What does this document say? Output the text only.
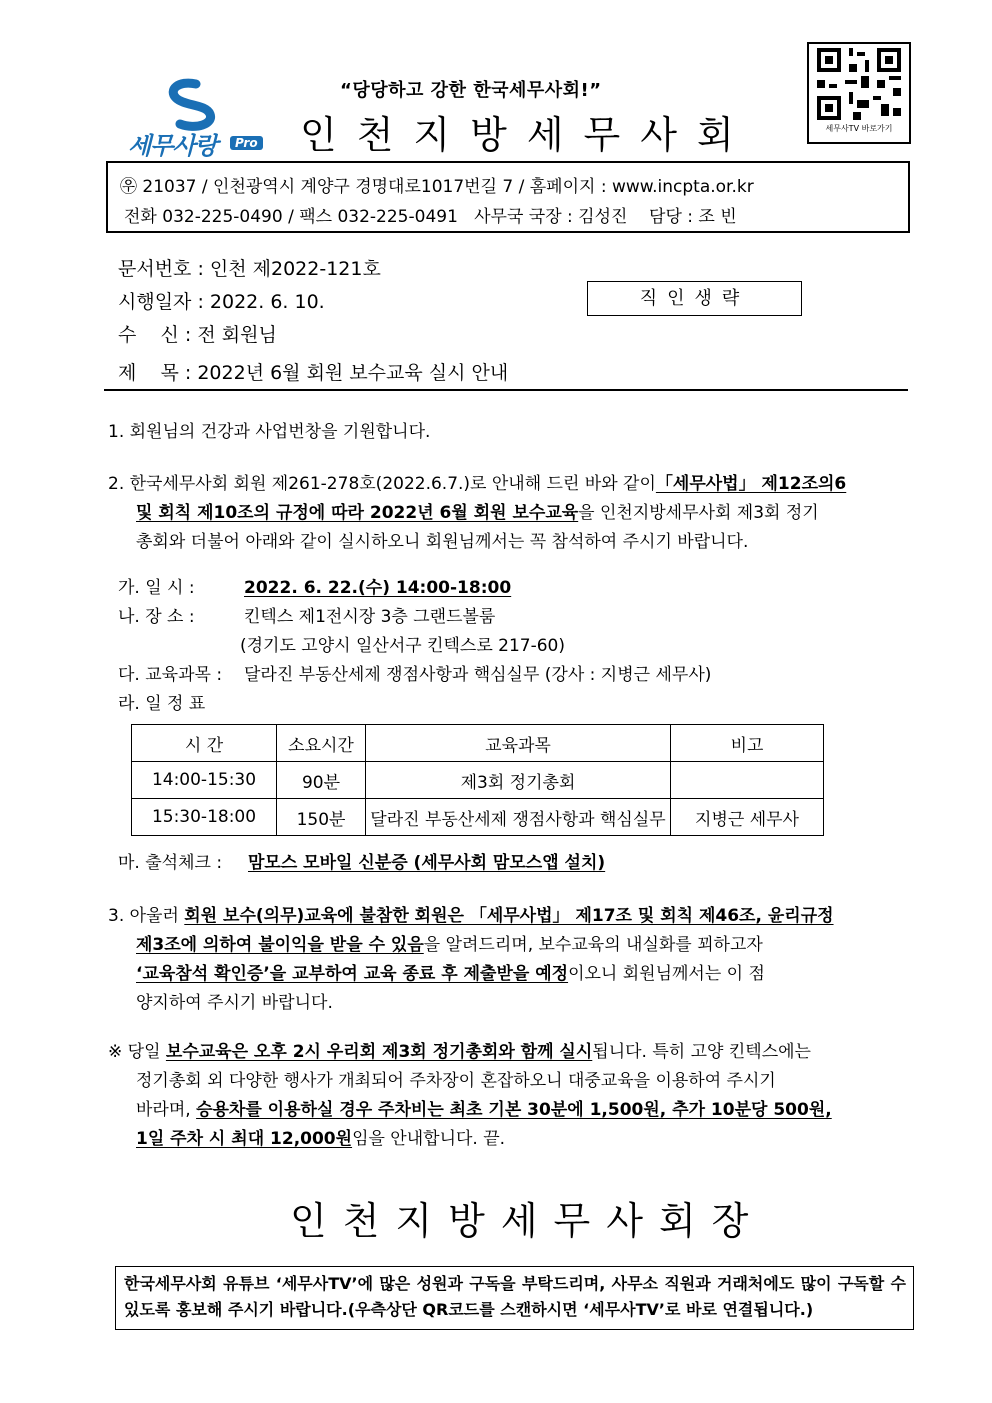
세무사랑	Pro
“당당하고 강한 한국세무사회!”
인천지방세무사회	세무사TV 바로가기
㉾ 21037 / 인천광역시 계양구 경명대로1017번길 7 / 홈페이지 : www.incpta.or.kr
전화 032-225-0490 / 팩스 032-225-0491   사무국 국장 : 김성진    담당 : 조 빈
문서번호 : 인천 제2022-121호
시행일자 : 2022. 6. 10.	직인생략
수    신 : 전 회원님
제    목 : 2022년 6월 회원 보수교육 실시 안내
1. 회원님의 건강과 사업번창을 기원합니다.
2. 한국세무사회 회원 제261-278호(2022.6.7.)로 안내해 드린 바와 같이「세무사법」 제12조의6
및 회칙 제10조의 규정에 따라 2022년 6월 회원 보수교육을 인천지방세무사회 제3회 정기
총회와 더불어 아래와 같이 실시하오니 회원님께서는 꼭 참석하여 주시기 바랍니다.
가. 일 시 :	2022. 6. 22.(수) 14:00-18:00
나. 장 소 :	킨텍스 제1전시장 3층 그랜드볼룸
(경기도 고양시 일산서구 킨텍스로 217-60)
다. 교육과목 : 달라진 부동산세제 쟁점사항과 핵심실무 (강사 : 지병근 세무사)
라. 일 정 표
시 간	소요시간	교육과목	비고
14:00-15:30	90분	제3회 정기총회	
15:30-18:00	150분	달라진 부동산세제 쟁점사항과 핵심실무	지병근 세무사
마. 출석체크 : 맘모스 모바일 신분증 (세무사회 맘모스앱 설치)
3. 아울러 회원 보수(의무)교육에 불참한 회원은 「세무사법」 제17조 및 회칙 제46조, 윤리규정
제3조에 의하여 불이익을 받을 수 있음을 알려드리며, 보수교육의 내실화를 꾀하고자
‘교육참석 확인증’을 교부하여 교육 종료 후 제출받을 예정이오니 회원님께서는 이 점
양지하여 주시기 바랍니다.
※ 당일 보수교육은 오후 2시 우리회 제3회 정기총회와 함께 실시됩니다. 특히 고양 킨텍스에는
정기총회 외 다양한 행사가 개최되어 주차장이 혼잡하오니 대중교육을 이용하여 주시기
바라며, 승용차를 이용하실 경우 주차비는 최초 기본 30분에 1,500원, 추가 10분당 500원,
1일 주차 시 최대 12,000원임을 안내합니다. 끝.
인천지방세무사회장
한국세무사회 유튜브 ‘세무사TV’에 많은 성원과 구독을 부탁드리며, 사무소 직원과 거래처에도 많이 구독할 수 있도록 홍보해 주시기 바랍니다.(우측상단 QR코드를 스캔하시면 ‘세무사TV’로 바로 연결됩니다.)
